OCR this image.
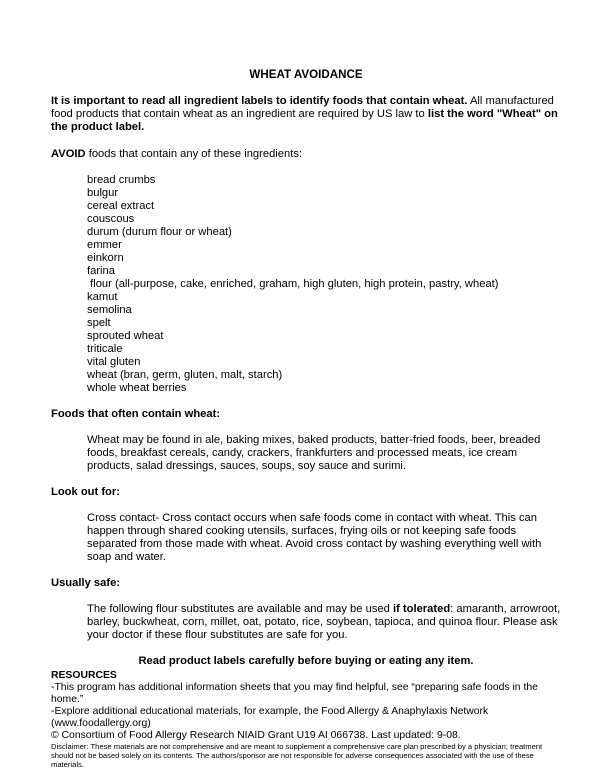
WHEAT AVOIDANCE

It is important to read all ingredient labels to identify foods that contain wheat. All manufactured food products that contain wheat as an ingredient are required by US law to list the word "Wheat" on the product label.

AVOID foods that contain any of these ingredients:
bread crumbs
bulgur
cereal extract
couscous
durum (durum flour or wheat)
emmer
einkorn
farina
flour (all-purpose, cake, enriched, graham, high gluten, high protein, pastry, wheat)
kamut
semolina
spelt
sprouted wheat
triticale
vital gluten
wheat (bran, germ, gluten, malt, starch)
whole wheat berries
Foods that often contain wheat:
Wheat may be found in ale, baking mixes, baked products, batter-fried foods, beer, breaded foods, breakfast cereals, candy, crackers, frankfurters and processed meats, ice cream products, salad dressings, sauces, soups, soy sauce and surimi.
Look out for:
Cross contact- Cross contact occurs when safe foods come in contact with wheat. This can happen through shared cooking utensils, surfaces, frying oils or not keeping safe foods separated from those made with wheat. Avoid cross contact by washing everything well with soap and water.
Usually safe:
The following flour substitutes are available and may be used if tolerated: amaranth, arrowroot, barley, buckwheat, corn, millet, oat, potato, rice, soybean, tapioca, and quinoa flour. Please ask your doctor if these flour substitutes are safe for you.
Read product labels carefully before buying or eating any item.
RESOURCES
-This program has additional information sheets that you may find helpful, see “preparing safe foods in the home.”
-Explore additional educational materials, for example, the Food Allergy & Anaphylaxis Network (www.foodallergy.org)
© Consortium of Food Allergy Research NIAID Grant U19 AI 066738. Last updated: 9-08.
Disclaimer: These materials are not comprehensive and are meant to supplement a comprehensive care plan prescribed by a physician; treatment should not be based solely on its contents. The authors/sponsor are not responsible for adverse consequences associated with the use of these materials.
